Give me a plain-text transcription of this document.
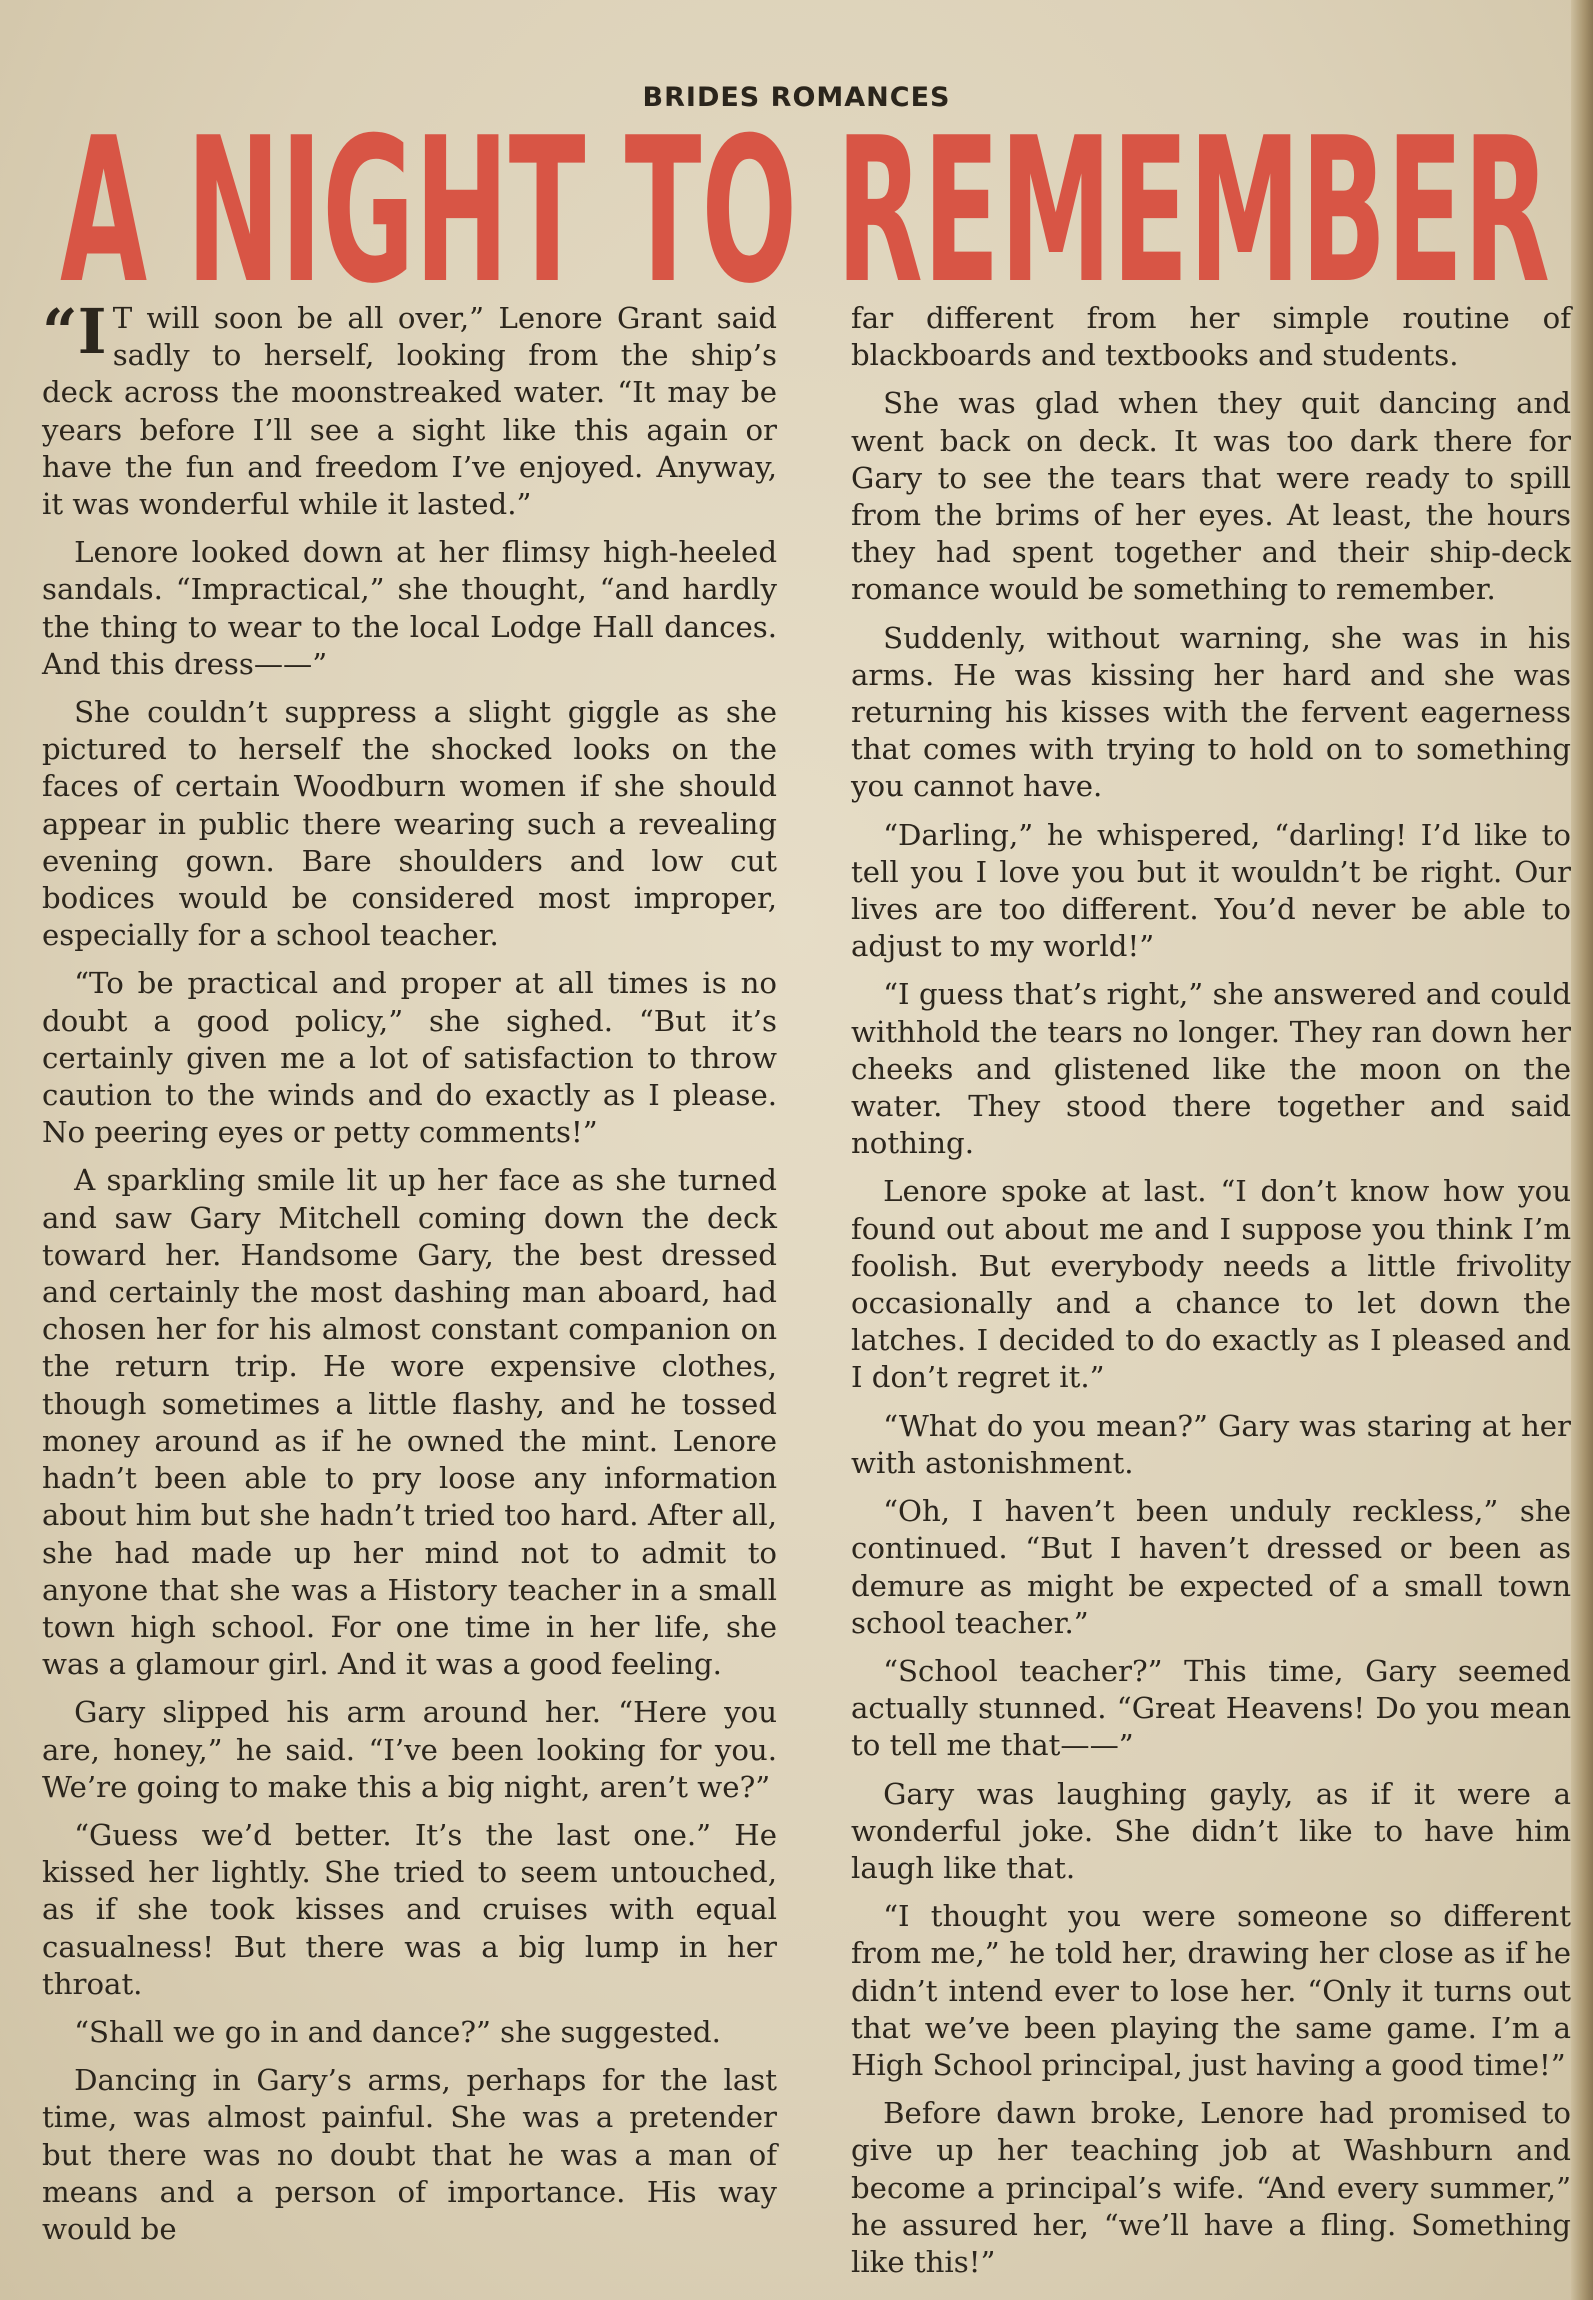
BRIDES ROMANCES
A NIGHT TO REMEMBER

“I T will soon be all over,” Lenore Grant said sadly to herself, looking from the ship’s deck across the moonstreaked water. “It may be years before I’ll see a sight like this again or have the fun and freedom I’ve enjoyed. Anyway, it was wonderful while it lasted.”

Lenore looked down at her flimsy high-heeled sandals. “Impractical,” she thought, “and hardly the thing to wear to the local Lodge Hall dances. And this dress——”

She couldn’t suppress a slight giggle as she pictured to herself the shocked looks on the faces of certain Woodburn women if she should appear in public there wearing such a revealing evening gown. Bare shoulders and low cut bodices would be considered most improper, especially for a school teacher.

“To be practical and proper at all times is no doubt a good policy,” she sighed. “But it’s certainly given me a lot of satisfaction to throw caution to the winds and do exactly as I please. No peering eyes or petty comments!”

A sparkling smile lit up her face as she turned and saw Gary Mitchell coming down the deck toward her. Handsome Gary, the best dressed and certainly the most dashing man aboard, had chosen her for his almost constant companion on the return trip. He wore expensive clothes, though sometimes a little flashy, and he tossed money around as if he owned the mint. Lenore hadn’t been able to pry loose any information about him but she hadn’t tried too hard. After all, she had made up her mind not to admit to anyone that she was a History teacher in a small town high school. For one time in her life, she was a glamour girl. And it was a good feeling.

Gary slipped his arm around her. “Here you are, honey,” he said. “I’ve been looking for you. We’re going to make this a big night, aren’t we?”

“Guess we’d better. It’s the last one.” He kissed her lightly. She tried to seem untouched, as if she took kisses and cruises with equal casualness! But there was a big lump in her throat.

“Shall we go in and dance?” she suggested.

Dancing in Gary’s arms, perhaps for the last time, was almost painful. She was a pretender but there was no doubt that he was a man of means and a person of importance. His way would be

far different from her simple routine of blackboards and textbooks and students.

She was glad when they quit dancing and went back on deck. It was too dark there for Gary to see the tears that were ready to spill from the brims of her eyes. At least, the hours they had spent together and their ship-deck romance would be something to remember.

Suddenly, without warning, she was in his arms. He was kissing her hard and she was returning his kisses with the fervent eagerness that comes with trying to hold on to something you cannot have.

“Darling,” he whispered, “darling! I’d like to tell you I love you but it wouldn’t be right. Our lives are too different. You’d never be able to adjust to my world!”

“I guess that’s right,” she answered and could withhold the tears no longer. They ran down her cheeks and glistened like the moon on the water. They stood there together and said nothing.

Lenore spoke at last. “I don’t know how you found out about me and I suppose you think I’m foolish. But everybody needs a little frivolity occasionally and a chance to let down the latches. I decided to do exactly as I pleased and I don’t regret it.”

“What do you mean?” Gary was staring at her with astonishment.

“Oh, I haven’t been unduly reckless,” she continued. “But I haven’t dressed or been as demure as might be expected of a small town school teacher.”

“School teacher?” This time, Gary seemed actually stunned. “Great Heavens! Do you mean to tell me that——”

Gary was laughing gayly, as if it were a wonderful joke. She didn’t like to have him laugh like that.

“I thought you were someone so different from me,” he told her, drawing her close as if he didn’t intend ever to lose her. “Only it turns out that we’ve been playing the same game. I’m a High School principal, just having a good time!”

Before dawn broke, Lenore had promised to give up her teaching job at Washburn and become a principal’s wife. “And every summer,” he assured her, “we’ll have a fling. Something like this!”
